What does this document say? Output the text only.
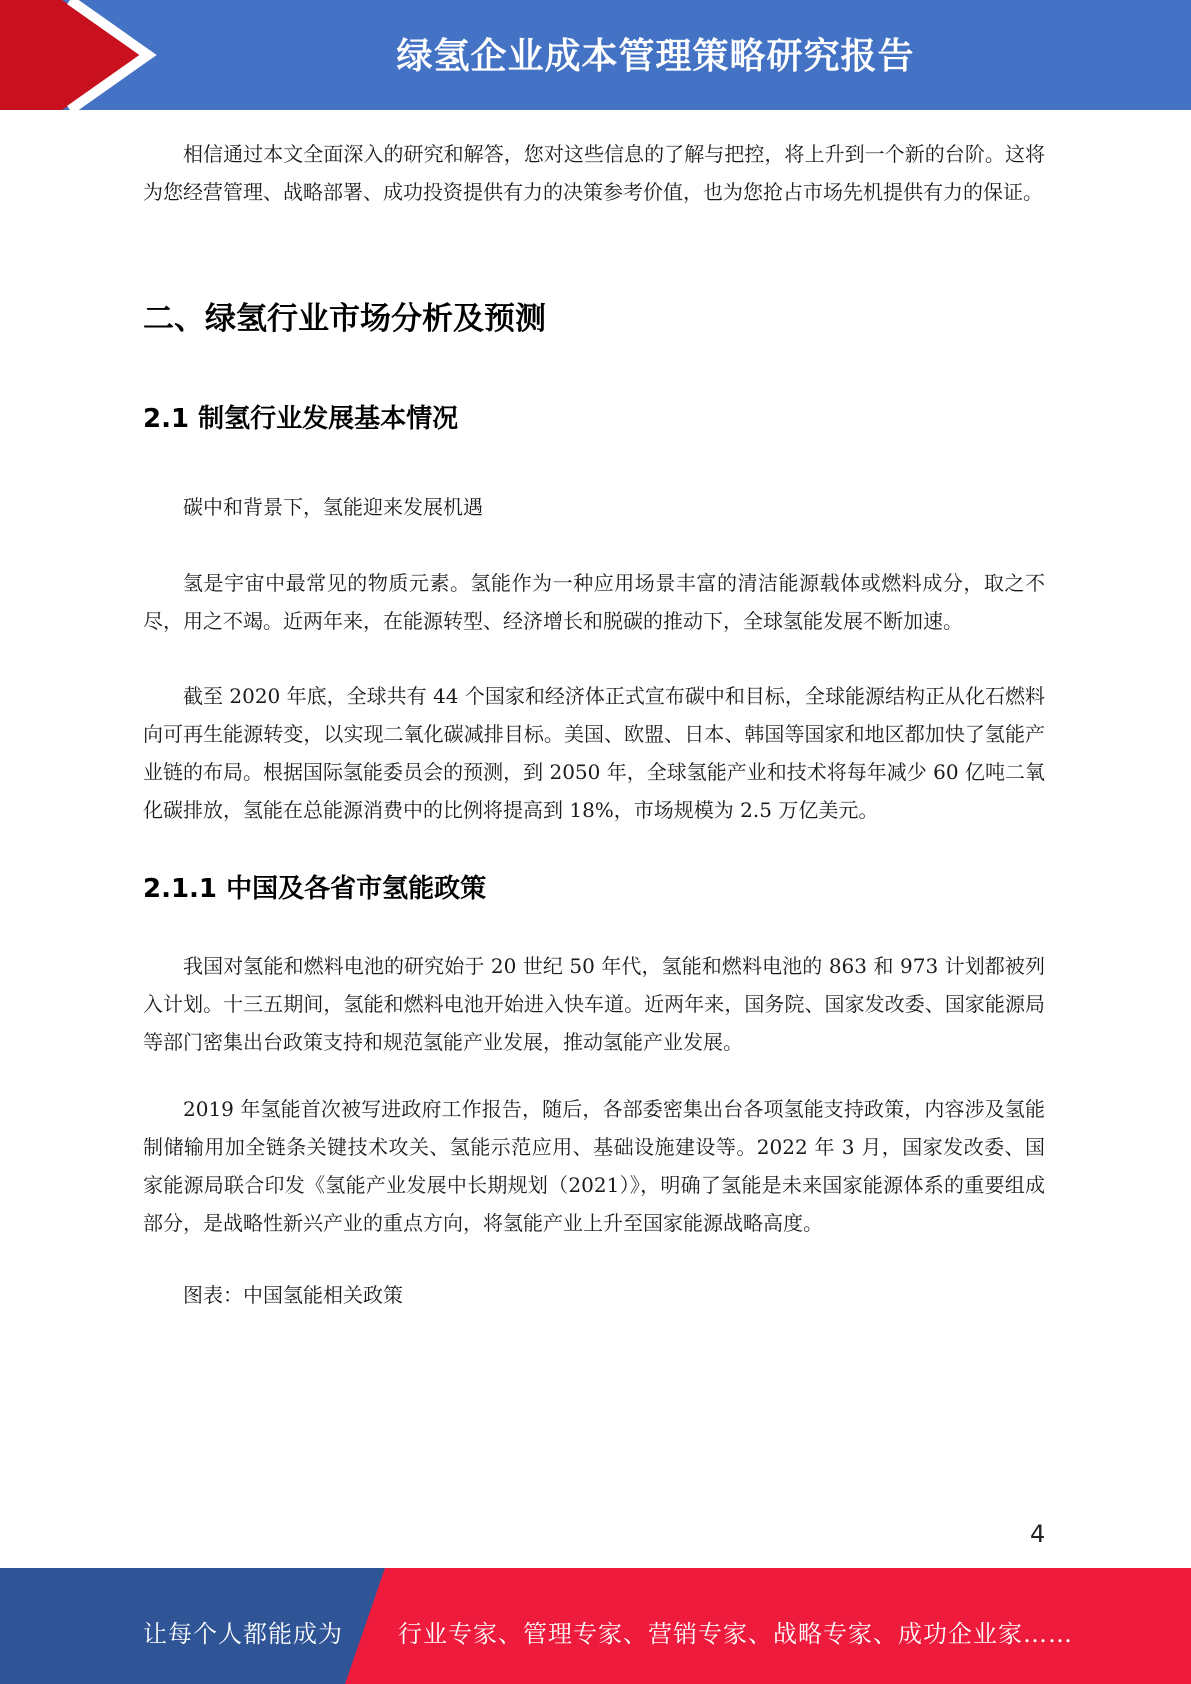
绿氢企业成本管理策略研究报告

相信通过本文全面深入的研究和解答，您对这些信息的了解与把控，将上升到一个新的台阶。这将为您经营管理、战略部署、成功投资提供有力的决策参考价值，也为您抢占市场先机提供有力的保证。

二、绿氢行业市场分析及预测
2.1 制氢行业发展基本情况

碳中和背景下，氢能迎来发展机遇

氢是宇宙中最常见的物质元素。氢能作为一种应用场景丰富的清洁能源载体或燃料成分，取之不尽，用之不竭。近两年来，在能源转型、经济增长和脱碳的推动下，全球氢能发展不断加速。

截至 2020 年底，全球共有 44 个国家和经济体正式宣布碳中和目标，全球能源结构正从化石燃料向可再生能源转变，以实现二氧化碳减排目标。美国、欧盟、日本、韩国等国家和地区都加快了氢能产业链的布局。根据国际氢能委员会的预测，到 2050 年，全球氢能产业和技术将每年减少 60 亿吨二氧化碳排放，氢能在总能源消费中的比例将提高到 18%，市场规模为 2.5 万亿美元。

2.1.1 中国及各省市氢能政策

我国对氢能和燃料电池的研究始于 20 世纪 50 年代，氢能和燃料电池的 863 和 973 计划都被列入计划。十三五期间，氢能和燃料电池开始进入快车道。近两年来，国务院、国家发改委、国家能源局等部门密集出台政策支持和规范氢能产业发展，推动氢能产业发展。

2019 年氢能首次被写进政府工作报告，随后，各部委密集出台各项氢能支持政策，内容涉及氢能制储输用加全链条关键技术攻关、氢能示范应用、基础设施建设等。2022 年 3 月，国家发改委、国家能源局联合印发《氢能产业发展中长期规划（2021）》，明确了氢能是未来国家能源体系的重要组成部分，是战略性新兴产业的重点方向，将氢能产业上升至国家能源战略高度。

图表：中国氢能相关政策

4
让每个人都能成为 行业专家、管理专家、营销专家、战略专家、成功企业家……
